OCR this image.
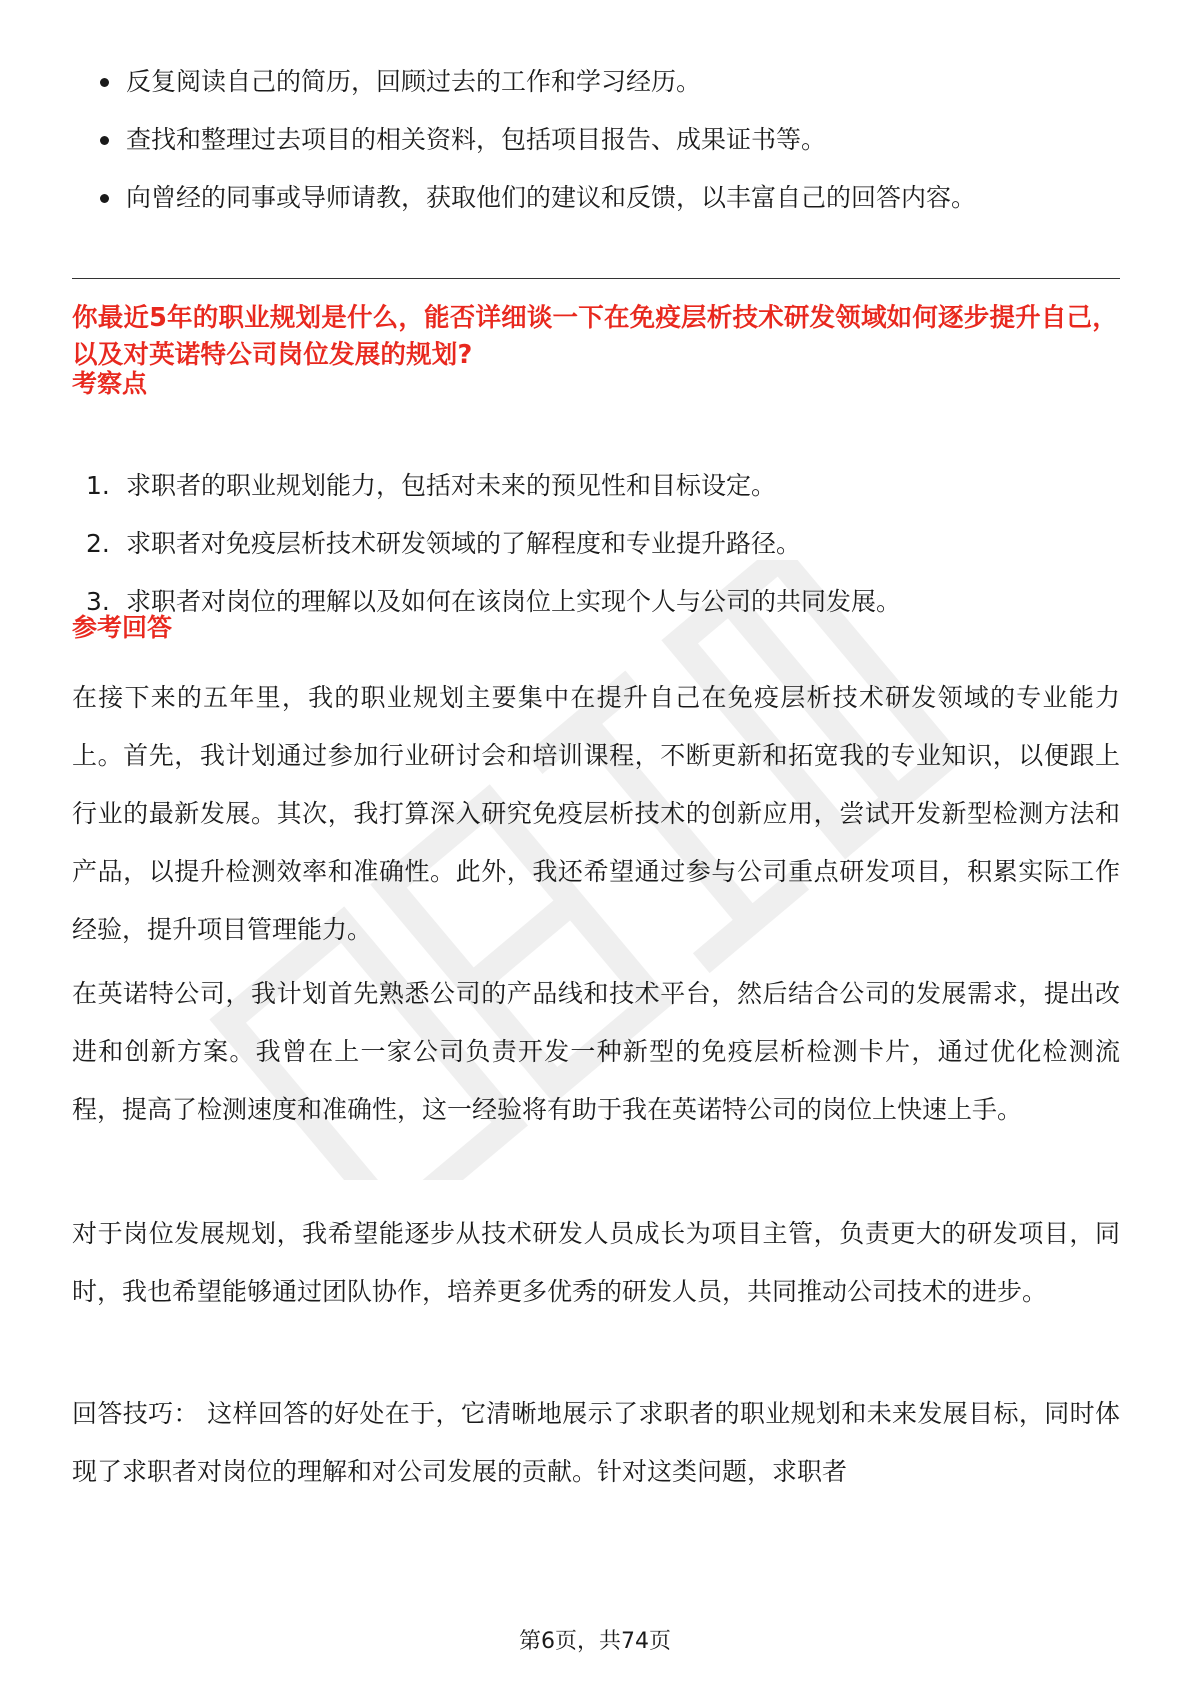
反复阅读自己的简历，回顾过去的工作和学习经历。
查找和整理过去项目的相关资料，包括项目报告、成果证书等。
向曾经的同事或导师请教，获取他们的建议和反馈，以丰富自己的回答内容。
你最近5年的职业规划是什么，能否详细谈一下在免疫层析技术研发领域如何逐步提升自己，以及对英诺特公司岗位发展的规划?
考察点
1. 求职者的职业规划能力，包括对未来的预见性和目标设定。
2. 求职者对免疫层析技术研发领域的了解程度和专业提升路径。
3. 求职者对岗位的理解以及如何在该岗位上实现个人与公司的共同发展。
参考回答

在接下来的五年里，我的职业规划主要集中在提升自己在免疫层析技术研发领域的专业能力上。首先，我计划通过参加行业研讨会和培训课程，不断更新和拓宽我的专业知识，以便跟上行业的最新发展。其次，我打算深入研究免疫层析技术的创新应用，尝试开发新型检测方法和产品，以提升检测效率和准确性。此外，我还希望通过参与公司重点研发项目，积累实际工作经验，提升项目管理能力。

在英诺特公司，我计划首先熟悉公司的产品线和技术平台，然后结合公司的发展需求，提出改进和创新方案。我曾在上一家公司负责开发一种新型的免疫层析检测卡片，通过优化检测流程，提高了检测速度和准确性，这一经验将有助于我在英诺特公司的岗位上快速上手。

对于岗位发展规划，我希望能逐步从技术研发人员成长为项目主管，负责更大的研发项目，同时，我也希望能够通过团队协作，培养更多优秀的研发人员，共同推动公司技术的进步。

回答技巧： 这样回答的好处在于，它清晰地展示了求职者的职业规划和未来发展目标，同时体现了求职者对岗位的理解和对公司发展的贡献。针对这类问题，求职者

第6页，共74页
